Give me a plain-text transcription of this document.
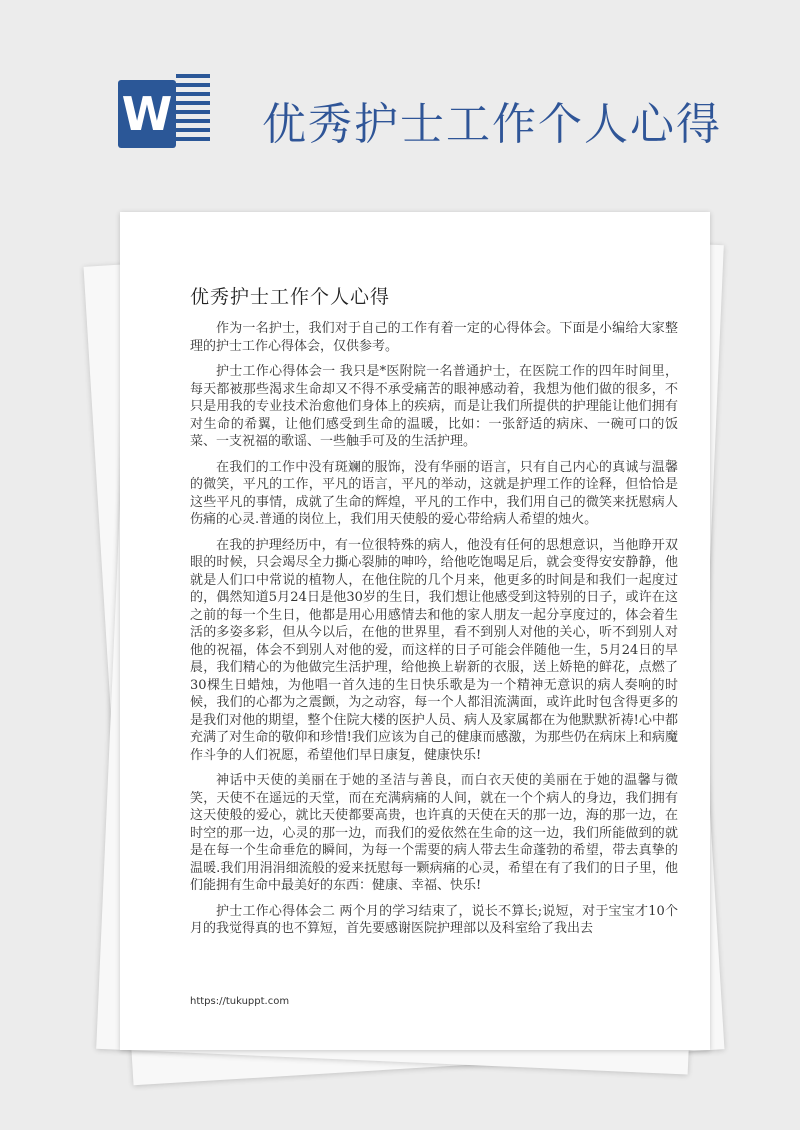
W 优秀护士工作个人心得
优秀护士工作个人心得

作为一名护士，我们对于自己的工作有着一定的心得体会。下面是小编给大家整理的护士工作心得体会，仅供参考。

护士工作心得体会一 我只是*医附院一名普通护士，在医院工作的四年时间里，每天都被那些渴求生命却又不得不承受痛苦的眼神感动着，我想为他们做的很多，不只是用我的专业技术治愈他们身体上的疾病，而是让我们所提供的护理能让他们拥有对生命的希翼，让他们感受到生命的温暖，比如：一张舒适的病床、一碗可口的饭菜、一支祝福的歌谣、一些触手可及的生活护理。

在我们的工作中没有斑斓的服饰，没有华丽的语言，只有自己内心的真诚与温馨的微笑，平凡的工作，平凡的语言，平凡的举动，这就是护理工作的诠释，但恰恰是这些平凡的事情，成就了生命的辉煌，平凡的工作中，我们用自己的微笑来抚慰病人伤痛的心灵.普通的岗位上，我们用天使般的爱心带给病人希望的烛火。

在我的护理经历中，有一位很特殊的病人，他没有任何的思想意识，当他睁开双眼的时候，只会竭尽全力撕心裂肺的呻吟，给他吃饱喝足后，就会变得安安静静，他就是人们口中常说的植物人，在他住院的几个月来，他更多的时间是和我们一起度过的，偶然知道5月24日是他30岁的生日，我们想让他感受到这特别的日子，或许在这之前的每一个生日，他都是用心用感情去和他的家人朋友一起分享度过的，体会着生活的多姿多彩，但从今以后，在他的世界里，看不到别人对他的关心，听不到别人对他的祝福，体会不到别人对他的爱，而这样的日子可能会伴随他一生，5月24日的早晨，我们精心的为他做完生活护理，给他换上崭新的衣服，送上娇艳的鲜花，点燃了30棵生日蜡烛，为他唱一首久违的生日快乐歌是为一个精神无意识的病人奏响的时候，我们的心都为之震颤，为之动容，每一个人都泪流满面，或许此时包含得更多的是我们对他的期望，整个住院大楼的医护人员、病人及家属都在为他默默祈祷!心中都充满了对生命的敬仰和珍惜!我们应该为自己的健康而感激，为那些仍在病床上和病魔作斗争的人们祝愿，希望他们早日康复，健康快乐!

神话中天使的美丽在于她的圣洁与善良，而白衣天使的美丽在于她的温馨与微笑，天使不在遥远的天堂，而在充满病痛的人间，就在一个个病人的身边，我们拥有这天使般的爱心，就比天使都要高贵，也许真的天使在天的那一边，海的那一边，在时空的那一边，心灵的那一边，而我们的爱依然在生命的这一边，我们所能做到的就是在每一个生命垂危的瞬间，为每一个需要的病人带去生命蓬勃的希望，带去真挚的温暖.我们用涓涓细流般的爱来抚慰每一颗病痛的心灵，希望在有了我们的日子里，他们能拥有生命中最美好的东西：健康、幸福、快乐!

护士工作心得体会二 两个月的学习结束了，说长不算长;说短，对于宝宝才10个月的我觉得真的也不算短，首先要感谢医院护理部以及科室给了我出去

https://tukuppt.com
